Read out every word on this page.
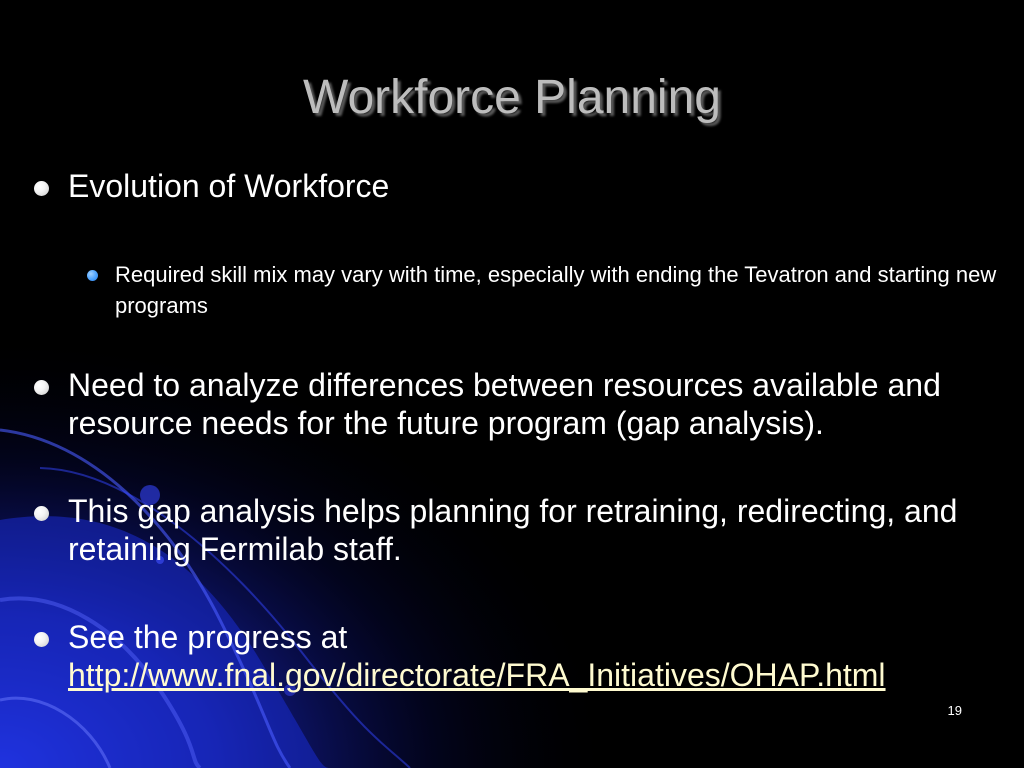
Workforce Planning
Evolution of Workforce
Required skill mix may vary with time, especially with ending the Tevatron and starting new programs
Need to analyze differences between resources available and resource needs for the future program (gap analysis).
This gap analysis helps planning for retraining, redirecting, and retaining Fermilab staff.
See the progress at
http://www.fnal.gov/directorate/FRA_Initiatives/OHAP.html
19
